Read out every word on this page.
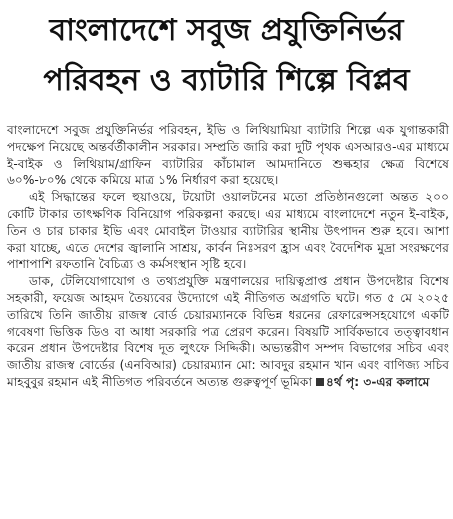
বাংলাদেশে সবুজ প্রযুক্তিনির্ভর
পরিবহন ও ব্যাটারি শিল্পে বিপ্লব

বাংলাদেশে সবুজ প্রযুক্তিনির্ভর পরিবহন, ইভি ও লিথিয়ামিয়া ব্যাটারি শিল্পে এক যুগান্তকারী পদক্ষেপ নিয়েছে অন্তর্বর্তীকালীন সরকার। সম্প্রতি জারি করা দুটি পৃথক এসআরও-এর মাধ্যমে ই-বাইক ও লিথিয়াম/গ্রাফিন ব্যাটারির কাঁচামাল আমদানিতে শুল্কহার ক্ষেত্র বিশেষে ৬০%-৮০% থেকে কমিয়ে মাত্র ১% নির্ধারণ করা হয়েছে।

এই সিদ্ধান্তের ফলে হুয়াওয়ে, টয়োটা ওয়ালটনের মতো প্রতিষ্ঠানগুলো অন্তত ২০০ কোটি টাকার তাৎক্ষণিক বিনিয়োগ পরিকল্পনা করছে। এর মাধ্যমে বাংলাদেশে নতুন ই-বাইক, তিন ও চার চাকার ইভি এবং মোবাইল টাওয়ার ব্যাটারির স্থানীয় উৎপাদন শুরু হবে। আশা করা যাচ্ছে, এতে দেশের জ্বালানি সাশ্রয়, কার্বন নিঃসরণ হ্রাস এবং বৈদেশিক মুদ্রা সংরক্ষণের পাশাপাশি রফতানি বৈচিত্র্য ও কর্মসংস্থান সৃষ্টি হবে।

ডাক, টেলিযোগাযোগ ও তথ্যপ্রযুক্তি মন্ত্রণালয়ের দায়িত্বপ্রাপ্ত প্রধান উপদেষ্টার বিশেষ সহকারী, ফয়েজ আহমদ তৈয়্যবের উদ্যোগে এই নীতিগত অগ্রগতি ঘটে। গত ৫ মে ২০২৫ তারিখে তিনি জাতীয় রাজস্ব বোর্ড চেয়ারম্যানকে বিভিন্ন ধরনের রেফারেন্সসহযোগে একটি গবেষণা ভিত্তিক ডিও বা আধা সরকারি পত্র প্রেরণ করেন। বিষয়টি সার্বিকভাবে তত্ত্বাবধান করেন প্রধান উপদেষ্টার বিশেষ দূত লুৎফে সিদ্দিকী। অভ্যন্তরীণ সম্পদ বিভাগের সচিব এবং জাতীয় রাজস্ব বোর্ডের (এনবিআর) চেয়ারম্যান মো: আবদুর রহমান খান এবং বাণিজ্য সচিব মাহবুবুর রহমান এই নীতিগত পরিবর্তনে অত্যন্ত গুরুত্বপূর্ণ ভূমিকা ৪র্থ পৃ: ৩-এর কলামে
